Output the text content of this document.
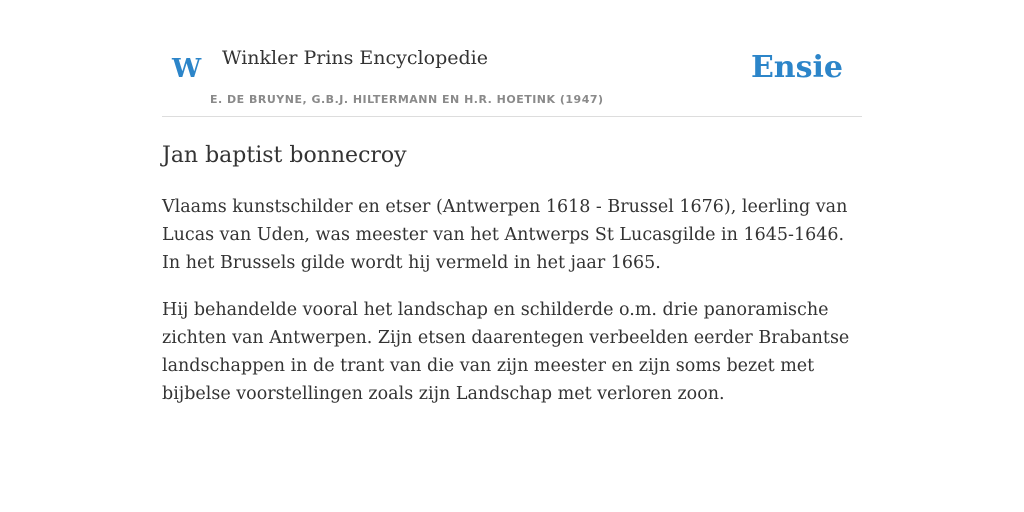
W Winkler Prins Encyclopedie
E. DE BRUYNE, G.B.J. HILTERMANN EN H.R. HOETINK (1947)
Ensie
Jan baptist bonnecroy

Vlaams kunstschilder en etser (Antwerpen 1618 - Brussel 1676), leerling van Lucas van Uden, was meester van het Antwerps St Lucasgilde in 1645-1646. In het Brussels gilde wordt hij vermeld in het jaar 1665.

Hij behandelde vooral het landschap en schilderde o.m. drie panoramische zichten van Antwerpen. Zijn etsen daarentegen verbeelden eerder Brabantse landschappen in de trant van die van zijn meester en zijn soms bezet met bijbelse voorstellingen zoals zijn Landschap met verloren zoon.
